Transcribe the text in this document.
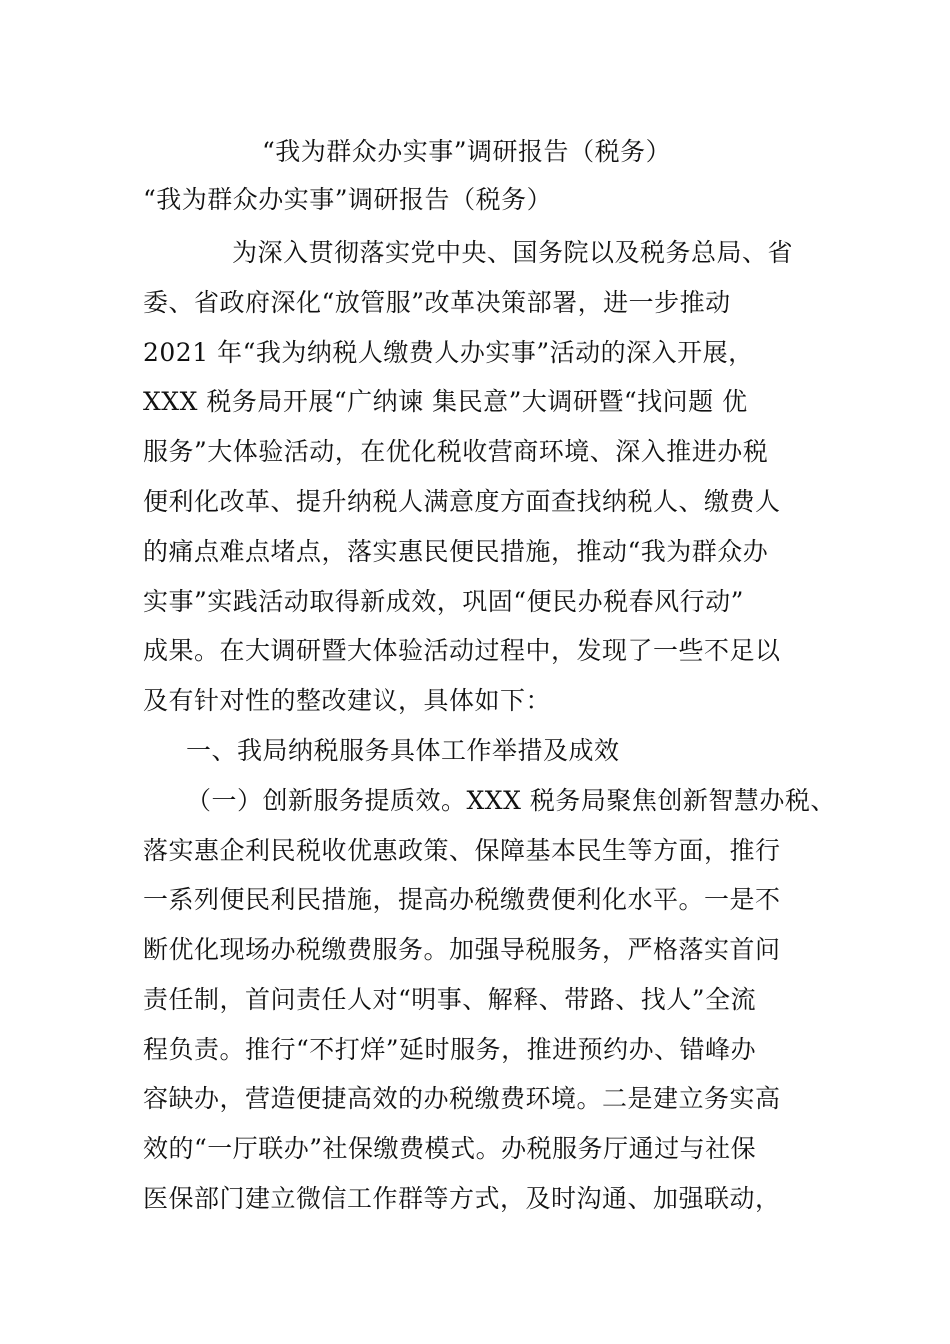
“我为群众办实事”调研报告（税务）
“我为群众办实事”调研报告（税务）
为深入贯彻落实党中央、国务院以及税务总局、省
委、省政府深化“放管服”改革决策部署，进一步推动
2021 年“我为纳税人缴费人办实事”活动的深入开展，
XXX 税务局开展“广纳谏 集民意”大调研暨“找问题 优
服务”大体验活动，在优化税收营商环境、深入推进办税
便利化改革、提升纳税人满意度方面查找纳税人、缴费人
的痛点难点堵点，落实惠民便民措施，推动“我为群众办
实事”实践活动取得新成效，巩固“便民办税春风行动”
成果。在大调研暨大体验活动过程中，发现了一些不足以
及有针对性的整改建议，具体如下：
一、我局纳税服务具体工作举措及成效
（一）创新服务提质效。XXX 税务局聚焦创新智慧办税、
落实惠企利民税收优惠政策、保障基本民生等方面，推行
一系列便民利民措施，提高办税缴费便利化水平。一是不
断优化现场办税缴费服务。加强导税服务，严格落实首问
责任制，首问责任人对“明事、解释、带路、找人”全流
程负责。推行“不打烊”延时服务，推进预约办、错峰办
容缺办，营造便捷高效的办税缴费环境。二是建立务实高
效的“一厅联办”社保缴费模式。办税服务厅通过与社保
医保部门建立微信工作群等方式，及时沟通、加强联动，
